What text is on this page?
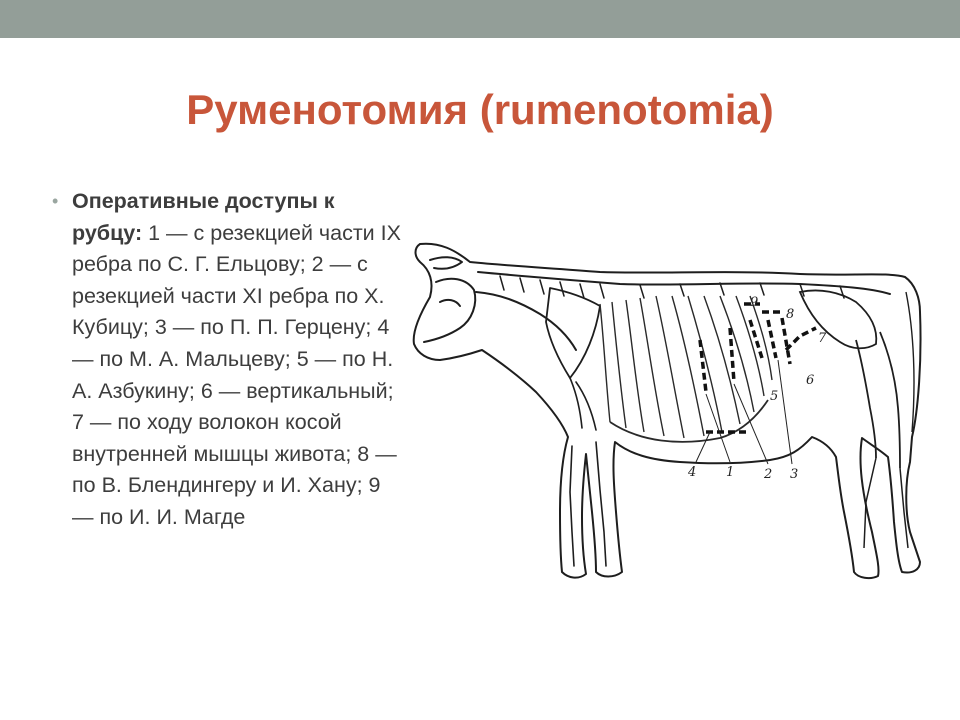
Руменотомия (rumenotomia)
• Оперативные доступы к рубцу: 1 — с резекцией части IX ребра по С. Г. Ельцову; 2 — с резекцией части XI ребра по Х. Кубицу; 3 — по П. П. Герцену; 4 — по М. А. Мальцеву; 5 — по Н. А. Азбукину; 6 — вертикальный; 7 — по ходу волокон косой внутренней мышцы живота; 8 — по В. Блендингеру и И. Хану; 9 — по И. И. Магде
4 1 2 3
5
6
7
8
9
